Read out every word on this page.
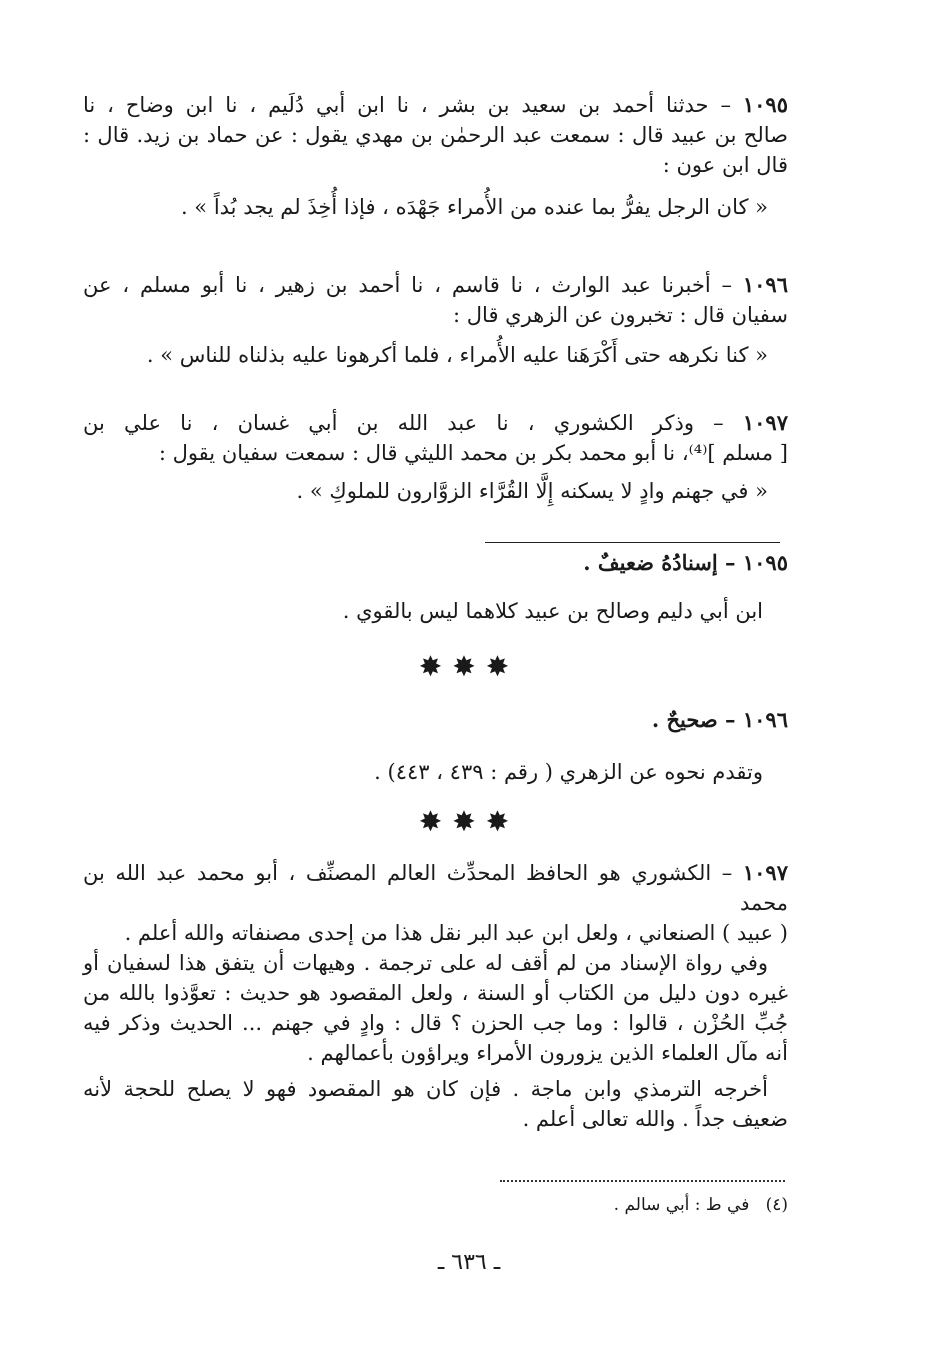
١٠٩٥ – حدثنا أحمد بن سعيد بن بشر ، نا ابن أبي دُلَيم ، نا ابن وضاح ، نا
صالح بن عبيد قال : سمعت عبد الرحمٰن بن مهدي يقول : عن حماد بن زيد. قال :
قال ابن عون :
« كان الرجل يفرُّ بما عنده من الأُمراء جَهْدَه ، فإذا أُخِذَ لم يجد بُداً » .
١٠٩٦ – أخبرنا عبد الوارث ، نا قاسم ، نا أحمد بن زهير ، نا أبو مسلم ، عن
سفيان قال : تخبرون عن الزهري قال :
« كنا نكرهه حتى أَكْرَهَنا عليه الأُمراء ، فلما أكرهونا عليه بذلناه للناس » .
١٠٩٧ – وذكر الكشوري ، نا عبد الله بن أبي غسان ، نا علي بن
[ مسلم ]⁽⁴⁾، نا أبو محمد بكر بن محمد الليثي قال : سمعت سفيان يقول :
« في جهنم وادٍ لا يسكنه إِلَّا القُرَّاء الزوَّارون للملوكِ » .
١٠٩٥ – إسنادُهُ ضعيفٌ .
ابن أبي دليم وصالح بن عبيد كلاهما ليس بالقوي .
✸✸✸
١٠٩٦ – صحيحٌ .
وتقدم نحوه عن الزهري ( رقم : ٤٣٩ ، ٤٤٣) .
✸✸✸
١٠٩٧ – الكشوري هو الحافظ المحدِّث العالم المصنِّف ، أبو محمد عبد الله بن محمد
( عبيد ) الصنعاني ، ولعل ابن عبد البر نقل هذا من إحدى مصنفاته والله أعلم .
وفي رواة الإسناد من لم أقف له على ترجمة . وهيهات أن يتفق هذا لسفيان أو
غيره دون دليل من الكتاب أو السنة ، ولعل المقصود هو حديث : تعوَّذوا بالله من
جُبِّ الحُزْن ، قالوا : وما جب الحزن ؟ قال : وادٍ في جهنم ... الحديث وذكر فيه
أنه مآل العلماء الذين يزورون الأمراء ويراؤون بأعمالهم .
أخرجه الترمذي وابن ماجة . فإن كان هو المقصود فهو لا يصلح للحجة لأنه
ضعيف جداً . والله تعالى أعلم .
(٤)   في ط : أبي سالم .
ـ ٦٣٦ ـ
